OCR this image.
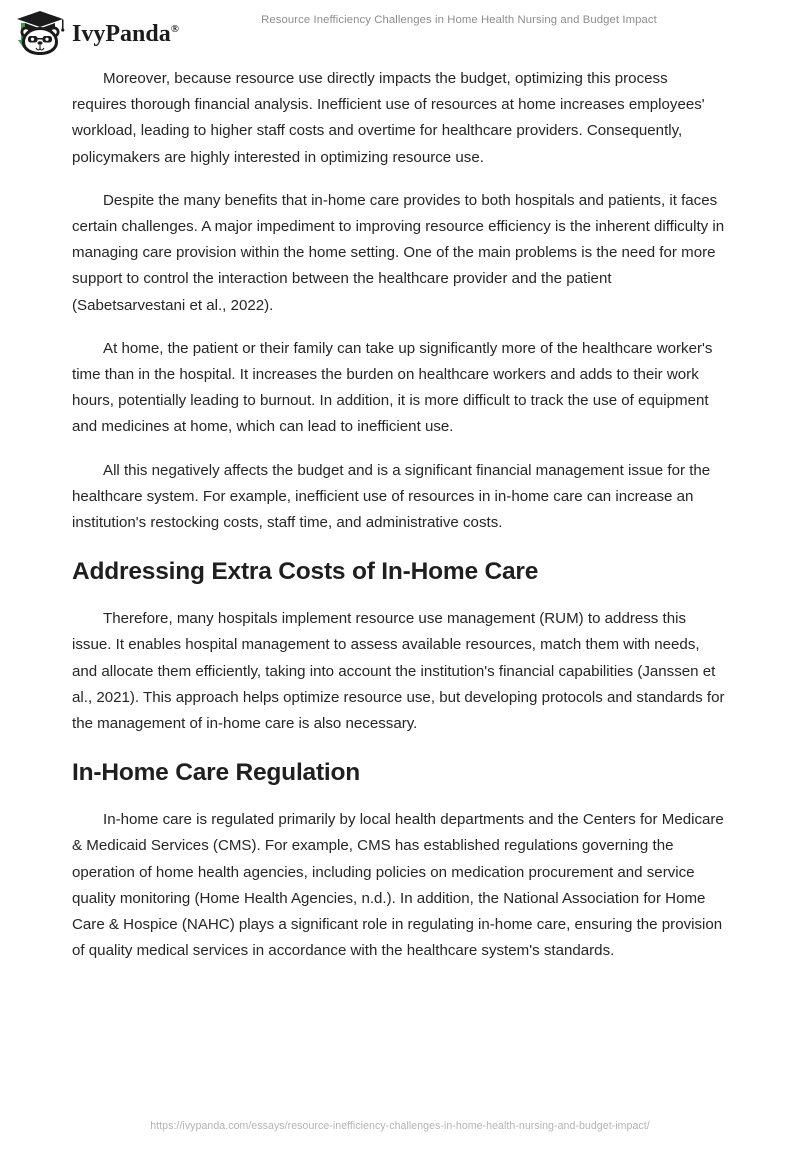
IvyPanda®
Resource Inefficiency Challenges in Home Health Nursing and Budget Impact

Moreover, because resource use directly impacts the budget, optimizing this process requires thorough financial analysis. Inefficient use of resources at home increases employees' workload, leading to higher staff costs and overtime for healthcare providers. Consequently, policymakers are highly interested in optimizing resource use.

Despite the many benefits that in-home care provides to both hospitals and patients, it faces certain challenges. A major impediment to improving resource efficiency is the inherent difficulty in managing care provision within the home setting. One of the main problems is the need for more support to control the interaction between the healthcare provider and the patient (Sabetsarvestani et al., 2022).

At home, the patient or their family can take up significantly more of the healthcare worker's time than in the hospital. It increases the burden on healthcare workers and adds to their work hours, potentially leading to burnout. In addition, it is more difficult to track the use of equipment and medicines at home, which can lead to inefficient use.

All this negatively affects the budget and is a significant financial management issue for the healthcare system. For example, inefficient use of resources in in-home care can increase an institution's restocking costs, staff time, and administrative costs.

Addressing Extra Costs of In-Home Care

Therefore, many hospitals implement resource use management (RUM) to address this issue. It enables hospital management to assess available resources, match them with needs, and allocate them efficiently, taking into account the institution's financial capabilities (Janssen et al., 2021). This approach helps optimize resource use, but developing protocols and standards for the management of in-home care is also necessary.

In-Home Care Regulation

In-home care is regulated primarily by local health departments and the Centers for Medicare & Medicaid Services (CMS). For example, CMS has established regulations governing the operation of home health agencies, including policies on medication procurement and service quality monitoring (Home Health Agencies, n.d.). In addition, the National Association for Home Care & Hospice (NAHC) plays a significant role in regulating in-home care, ensuring the provision of quality medical services in accordance with the healthcare system's standards.

https://ivypanda.com/essays/resource-inefficiency-challenges-in-home-health-nursing-and-budget-impact/
